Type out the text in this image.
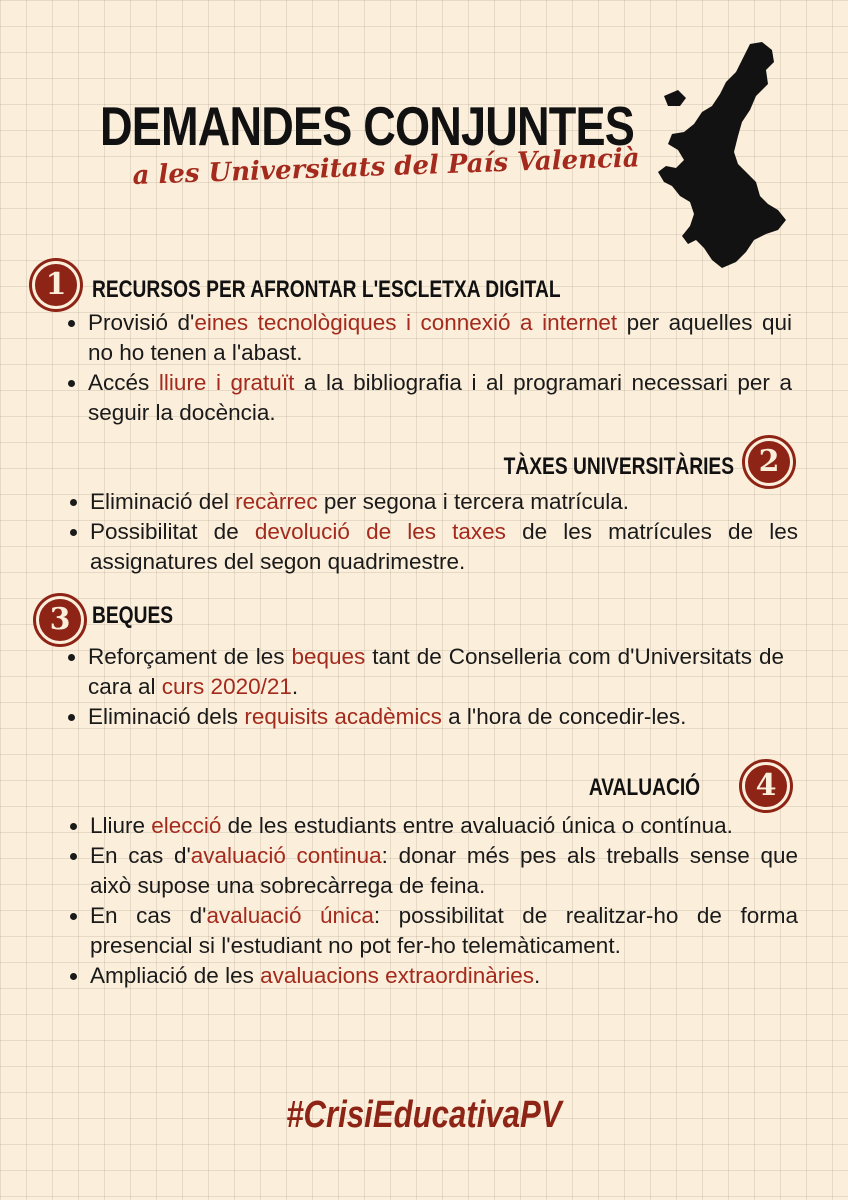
DEMANDES CONJUNTES

a les Universitats del País Valencià

1	RECURSOS PER AFRONTAR L'ESCLETXA DIGITAL
Provisió d'eines tecnològiques i connexió a internet per aquelles qui no ho tenen a l'abast.
Accés lliure i gratuït a la bibliografia i al programari necessari per a seguir la docència.
TÀXES UNIVERSITÀRIES 2
Eliminació del recàrrec per segona i tercera matrícula.
Possibilitat de devolució de les taxes de les matrícules de les assignatures del segon quadrimestre.
3 BEQUES
Reforçament de les beques tant de Conselleria com d'Universitats de cara al curs 2020/21.
Eliminació dels requisits acadèmics a l'hora de concedir-les.
AVALUACIÓ	4
Lliure elecció de les estudiants entre avaluació única o contínua.
En cas d'avaluació continua: donar més pes als treballs sense que això supose una sobrecàrrega de feina.
En cas d'avaluació única: possibilitat de realitzar-ho de forma presencial si l'estudiant no pot fer-ho telemàticament.
Ampliació de les avaluacions extraordinàries.

#CrisiEducativaPV
